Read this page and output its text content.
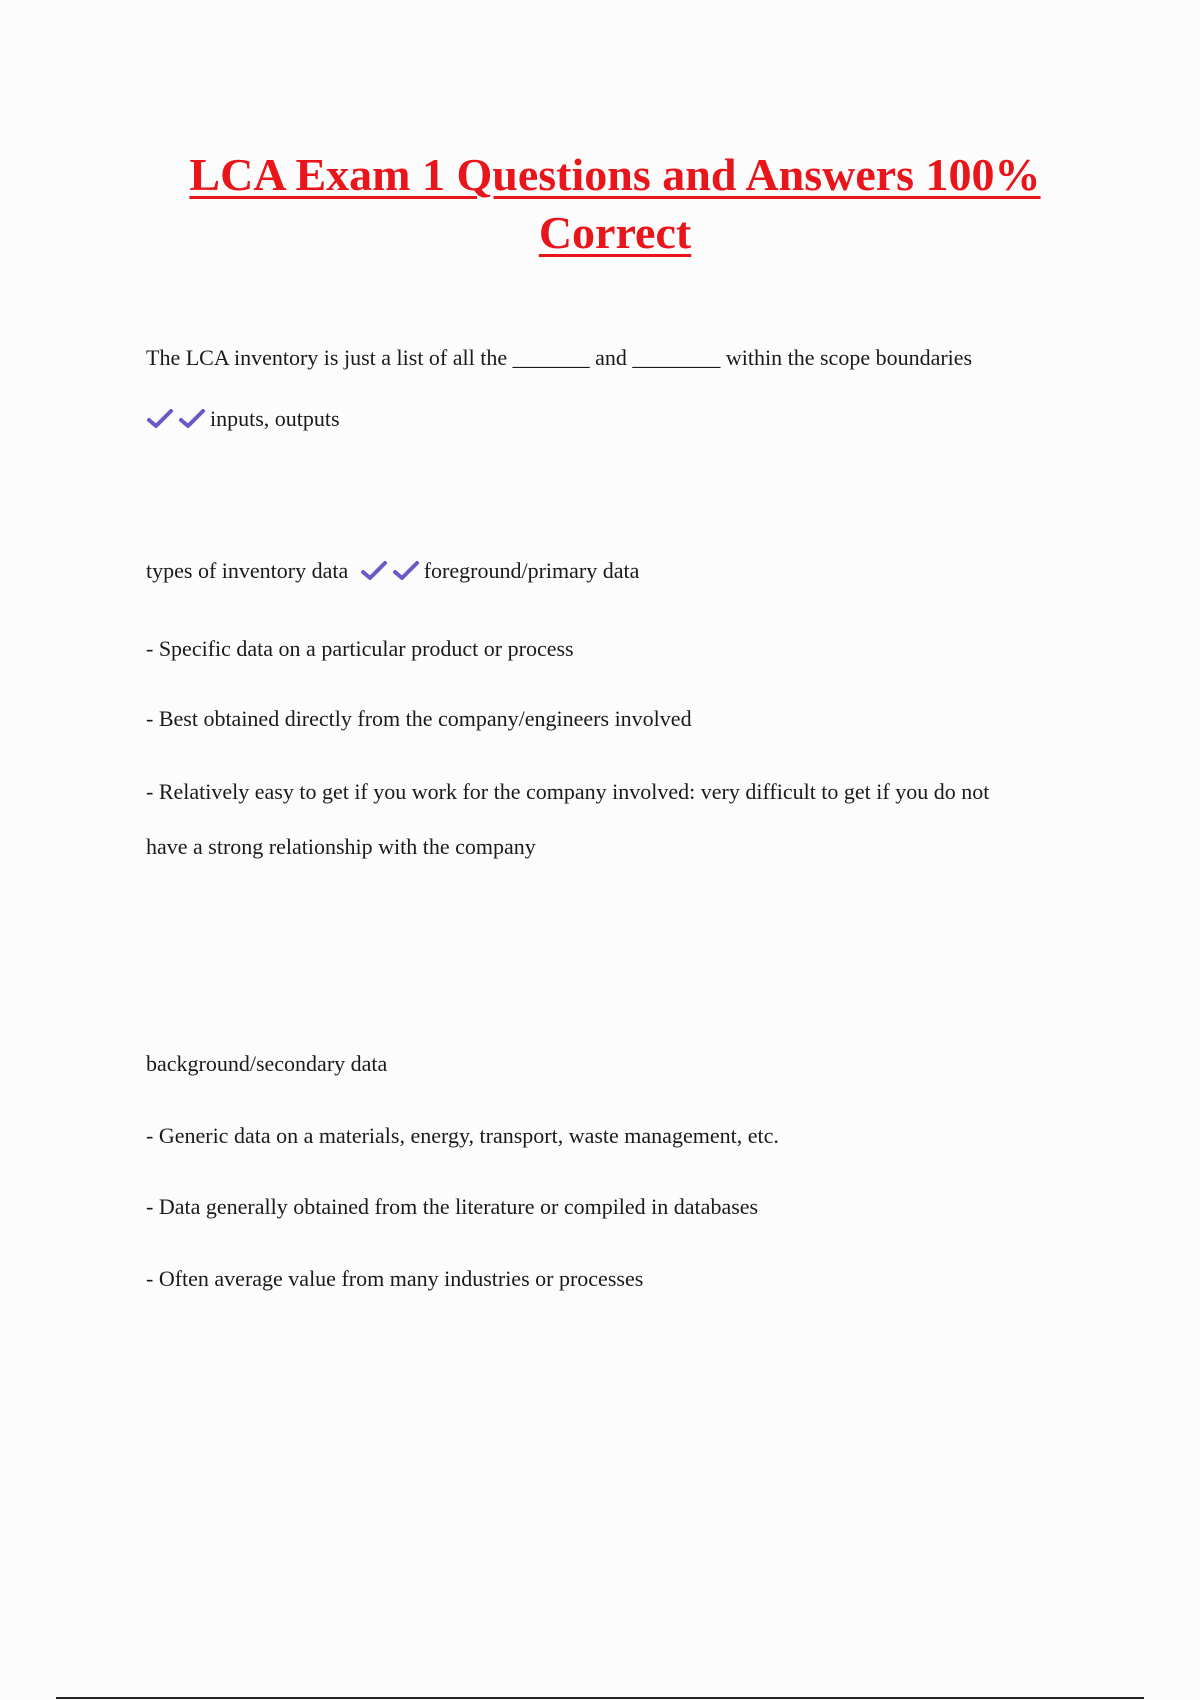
LCA Exam 1 Questions and Answers 100%
Correct
The LCA inventory is just a list of all the _______ and ________ within the scope boundaries
inputs, outputs
types of inventory data	foreground/primary data
- Specific data on a particular product or process
- Best obtained directly from the company/engineers involved
- Relatively easy to get if you work for the company involved: very difficult to get if you do not
have a strong relationship with the company
background/secondary data
- Generic data on a materials, energy, transport, waste management, etc.
- Data generally obtained from the literature or compiled in databases
- Often average value from many industries or processes
